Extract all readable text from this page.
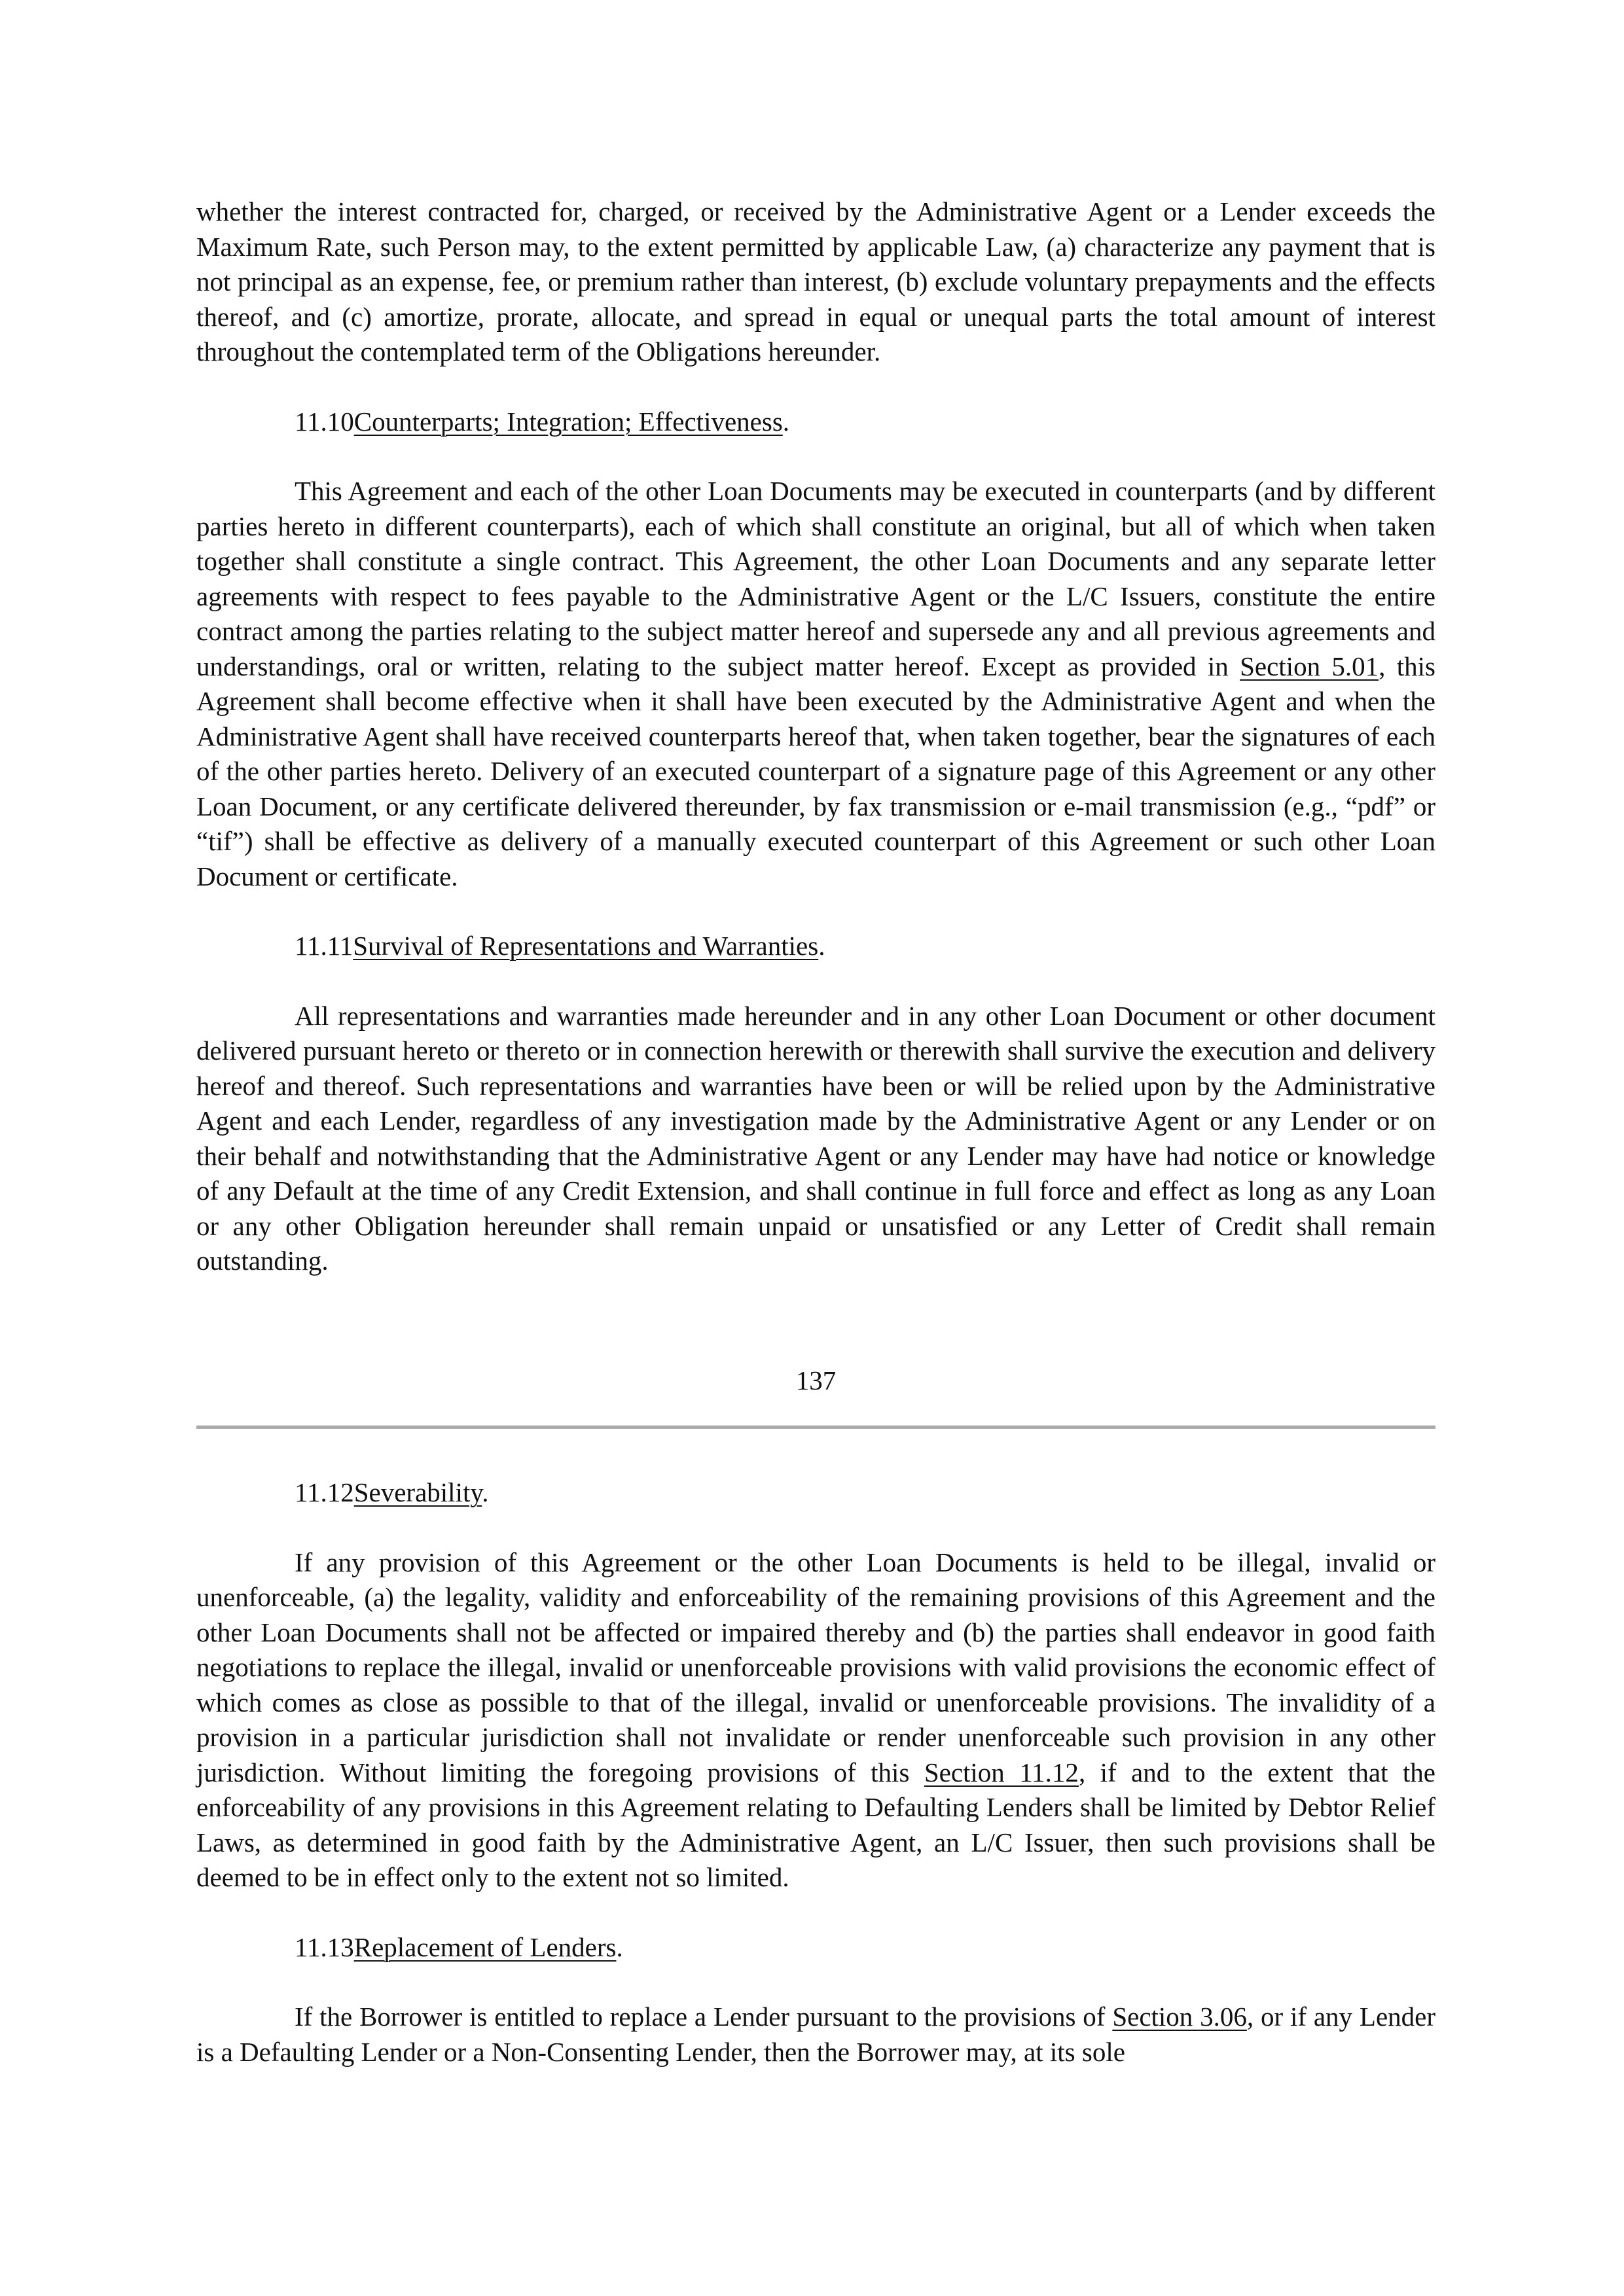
whether the interest contracted for, charged, or received by the Administrative Agent or a Lender exceeds the Maximum Rate, such Person may, to the extent permitted by applicable Law, (a) characterize any payment that is not principal as an expense, fee, or premium rather than interest, (b) exclude voluntary prepayments and the effects thereof, and (c) amortize, prorate, allocate, and spread in equal or unequal parts the total amount of interest throughout the contemplated term of the Obligations hereunder.

11.10Counterparts; Integration; Effectiveness.

This Agreement and each of the other Loan Documents may be executed in counterparts (and by different parties hereto in different counterparts), each of which shall constitute an original, but all of which when taken together shall constitute a single contract. This Agreement, the other Loan Documents and any separate letter agreements with respect to fees payable to the Administrative Agent or the L/C Issuers, constitute the entire contract among the parties relating to the subject matter hereof and supersede any and all previous agreements and understandings, oral or written, relating to the subject matter hereof. Except as provided in Section 5.01, this Agreement shall become effective when it shall have been executed by the Administrative Agent and when the Administrative Agent shall have received counterparts hereof that, when taken together, bear the signatures of each of the other parties hereto. Delivery of an executed counterpart of a signature page of this Agreement or any other Loan Document, or any certificate delivered thereunder, by fax transmission or e-mail transmission (e.g., “pdf” or “tif”) shall be effective as delivery of a manually executed counterpart of this Agreement or such other Loan Document or certificate.

11.11Survival of Representations and Warranties.

All representations and warranties made hereunder and in any other Loan Document or other document delivered pursuant hereto or thereto or in connection herewith or therewith shall survive the execution and delivery hereof and thereof. Such representations and warranties have been or will be relied upon by the Administrative Agent and each Lender, regardless of any investigation made by the Administrative Agent or any Lender or on their behalf and notwithstanding that the Administrative Agent or any Lender may have had notice or knowledge of any Default at the time of any Credit Extension, and shall continue in full force and effect as long as any Loan or any other Obligation hereunder shall remain unpaid or unsatisfied or any Letter of Credit shall remain outstanding.

137

11.12Severability.

If any provision of this Agreement or the other Loan Documents is held to be illegal, invalid or unenforceable, (a) the legality, validity and enforceability of the remaining provisions of this Agreement and the other Loan Documents shall not be affected or impaired thereby and (b) the parties shall endeavor in good faith negotiations to replace the illegal, invalid or unenforceable provisions with valid provisions the economic effect of which comes as close as possible to that of the illegal, invalid or unenforceable provisions. The invalidity of a provision in a particular jurisdiction shall not invalidate or render unenforceable such provision in any other jurisdiction. Without limiting the foregoing provisions of this Section 11.12, if and to the extent that the enforceability of any provisions in this Agreement relating to Defaulting Lenders shall be limited by Debtor Relief Laws, as determined in good faith by the Administrative Agent, an L/C Issuer, then such provisions shall be deemed to be in effect only to the extent not so limited.

11.13Replacement of Lenders.

If the Borrower is entitled to replace a Lender pursuant to the provisions of Section 3.06, or if any Lender is a Defaulting Lender or a Non-Consenting Lender, then the Borrower may, at its sole
